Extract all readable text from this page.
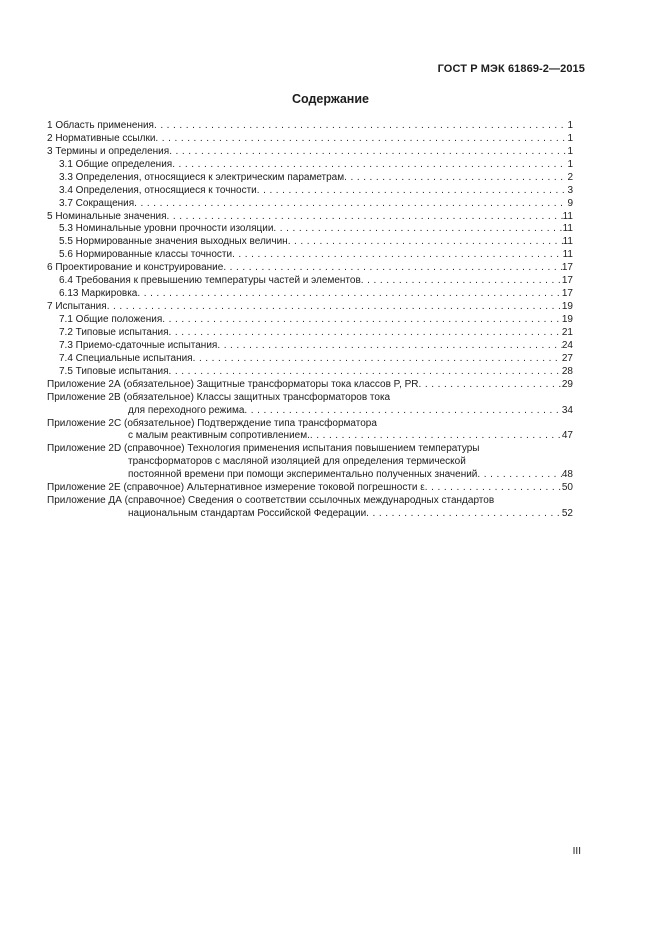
ГОСТ Р МЭК 61869-2—2015
Содержание
1 Область применения . . .	1
2 Нормативные ссылки . . .	1
3 Термины и определения . . .	1
3.1 Общие определения . . .	1
3.3 Определения, относящиеся к электрическим параметрам . . .	2
3.4 Определения, относящиеся к точности . . .	3
3.7 Сокращения . . .	9
5 Номинальные значения . . .	11
5.3 Номинальные уровни прочности изоляции . . .	11
5.5 Нормированные значения выходных величин . . .	11
5.6 Нормированные классы точности . . .	11
6 Проектирование и конструирование . . .	17
6.4 Требования к превышению температуры частей и элементов . . .	17
6.13 Маркировка . . .	17
7 Испытания . . .	19
7.1 Общие положения . . .	19
7.2 Типовые испытания . . .	21
7.3 Приемо-сдаточные испытания . . .	24
7.4 Специальные испытания . . .	27
7.5 Типовые испытания . . .	28
Приложение 2А (обязательное) Защитные трансформаторы тока классов P, PR . . .	29
Приложение 2В (обязательное) Классы защитных трансформаторов тока
для переходного режима . . .	34
Приложение 2С (обязательное) Подтверждение типа трансформатора
с малым реактивным сопротивлением. . . .	47
Приложение 2D (справочное) Технология применения испытания повышением температуры
трансформаторов с масляной изоляцией для определения термической
постоянной времени при помощи экспериментально полученных значений . . .	48
Приложение 2Е (справочное) Альтернативное измерение токовой погрешности ε . . .	50
Приложение ДА (справочное) Сведения о соответствии ссылочных международных стандартов
национальным стандартам Российской Федерации . . .	52
III
